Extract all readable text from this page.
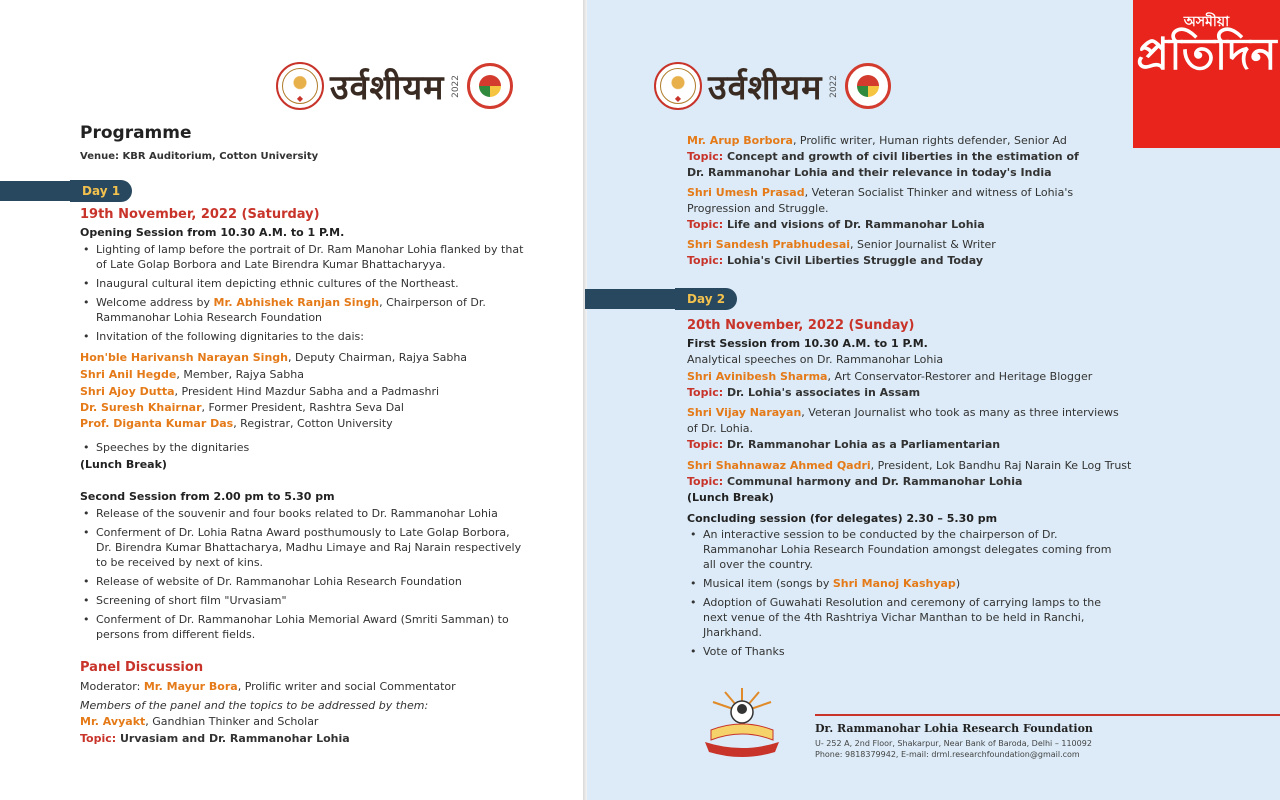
◆ उर्वशीयम 2022
◆ उर्वशीयम 2022
অসমীয়া
প্রতিদিন
Programme
Venue: KBR Auditorium, Cotton University
Day 1
19th November, 2022 (Saturday)
Opening Session from 10.30 A.M. to 1 P.M.
• Lighting of lamp before the portrait of Dr. Ram Manohar Lohia flanked by that
of Late Golap Borbora and Late Birendra Kumar Bhattacharyya.
• Inaugural cultural item depicting ethnic cultures of the Northeast.
• Welcome address by Mr. Abhishek Ranjan Singh, Chairperson of Dr.
Rammanohar Lohia Research Foundation
• Invitation of the following dignitaries to the dais:
Hon'ble Harivansh Narayan Singh, Deputy Chairman, Rajya Sabha
Shri Anil Hegde, Member, Rajya Sabha
Shri Ajoy Dutta, President Hind Mazdur Sabha and a Padmashri
Dr. Suresh Khairnar, Former President, Rashtra Seva Dal
Prof. Diganta Kumar Das, Registrar, Cotton University
• Speeches by the dignitaries
(Lunch Break)
Second Session from 2.00 pm to 5.30 pm
• Release of the souvenir and four books related to Dr. Rammanohar Lohia
• Conferment of Dr. Lohia Ratna Award posthumously to Late Golap Borbora,
Dr. Birendra Kumar Bhattacharya, Madhu Limaye and Raj Narain respectively
to be received by next of kins.
• Release of website of Dr. Rammanohar Lohia Research Foundation
• Screening of short film "Urvasiam"
• Conferment of Dr. Rammanohar Lohia Memorial Award (Smriti Samman) to
persons from different fields.
Panel Discussion
Moderator: Mr. Mayur Bora, Prolific writer and social Commentator
Members of the panel and the topics to be addressed by them:
Mr. Avyakt, Gandhian Thinker and Scholar
Topic: Urvasiam and Dr. Rammanohar Lohia
Mr. Arup Borbora, Prolific writer, Human rights defender, Senior Ad
Topic: Concept and growth of civil liberties in the estimation of
Dr. Rammanohar Lohia and their relevance in today's India
Shri Umesh Prasad, Veteran Socialist Thinker and witness of Lohia's
Progression and Struggle.
Topic: Life and visions of Dr. Rammanohar Lohia
Shri Sandesh Prabhudesai, Senior Journalist & Writer
Topic: Lohia's Civil Liberties Struggle and Today
Day 2
20th November, 2022 (Sunday)
First Session from 10.30 A.M. to 1 P.M.
Analytical speeches on Dr. Rammanohar Lohia
Shri Avinibesh Sharma, Art Conservator-Restorer and Heritage Blogger
Topic: Dr. Lohia's associates in Assam
Shri Vijay Narayan, Veteran Journalist who took as many as three interviews
of Dr. Lohia.
Topic: Dr. Rammanohar Lohia as a Parliamentarian
Shri Shahnawaz Ahmed Qadri, President, Lok Bandhu Raj Narain Ke Log Trust
Topic: Communal harmony and Dr. Rammanohar Lohia
(Lunch Break)
Concluding session (for delegates) 2.30 – 5.30 pm
• An interactive session to be conducted by the chairperson of Dr.
Rammanohar Lohia Research Foundation amongst delegates coming from
all over the country.
• Musical item (songs by Shri Manoj Kashyap)
• Adoption of Guwahati Resolution and ceremony of carrying lamps to the
next venue of the 4th Rashtriya Vichar Manthan to be held in Ranchi,
Jharkhand.
• Vote of Thanks
Dr. Rammanohar Lohia Research Foundation
U- 252 A, 2nd Floor, Shakarpur, Near Bank of Baroda, Delhi – 110092
Phone: 9818379942, E-mail: drml.researchfoundation@gmail.com
